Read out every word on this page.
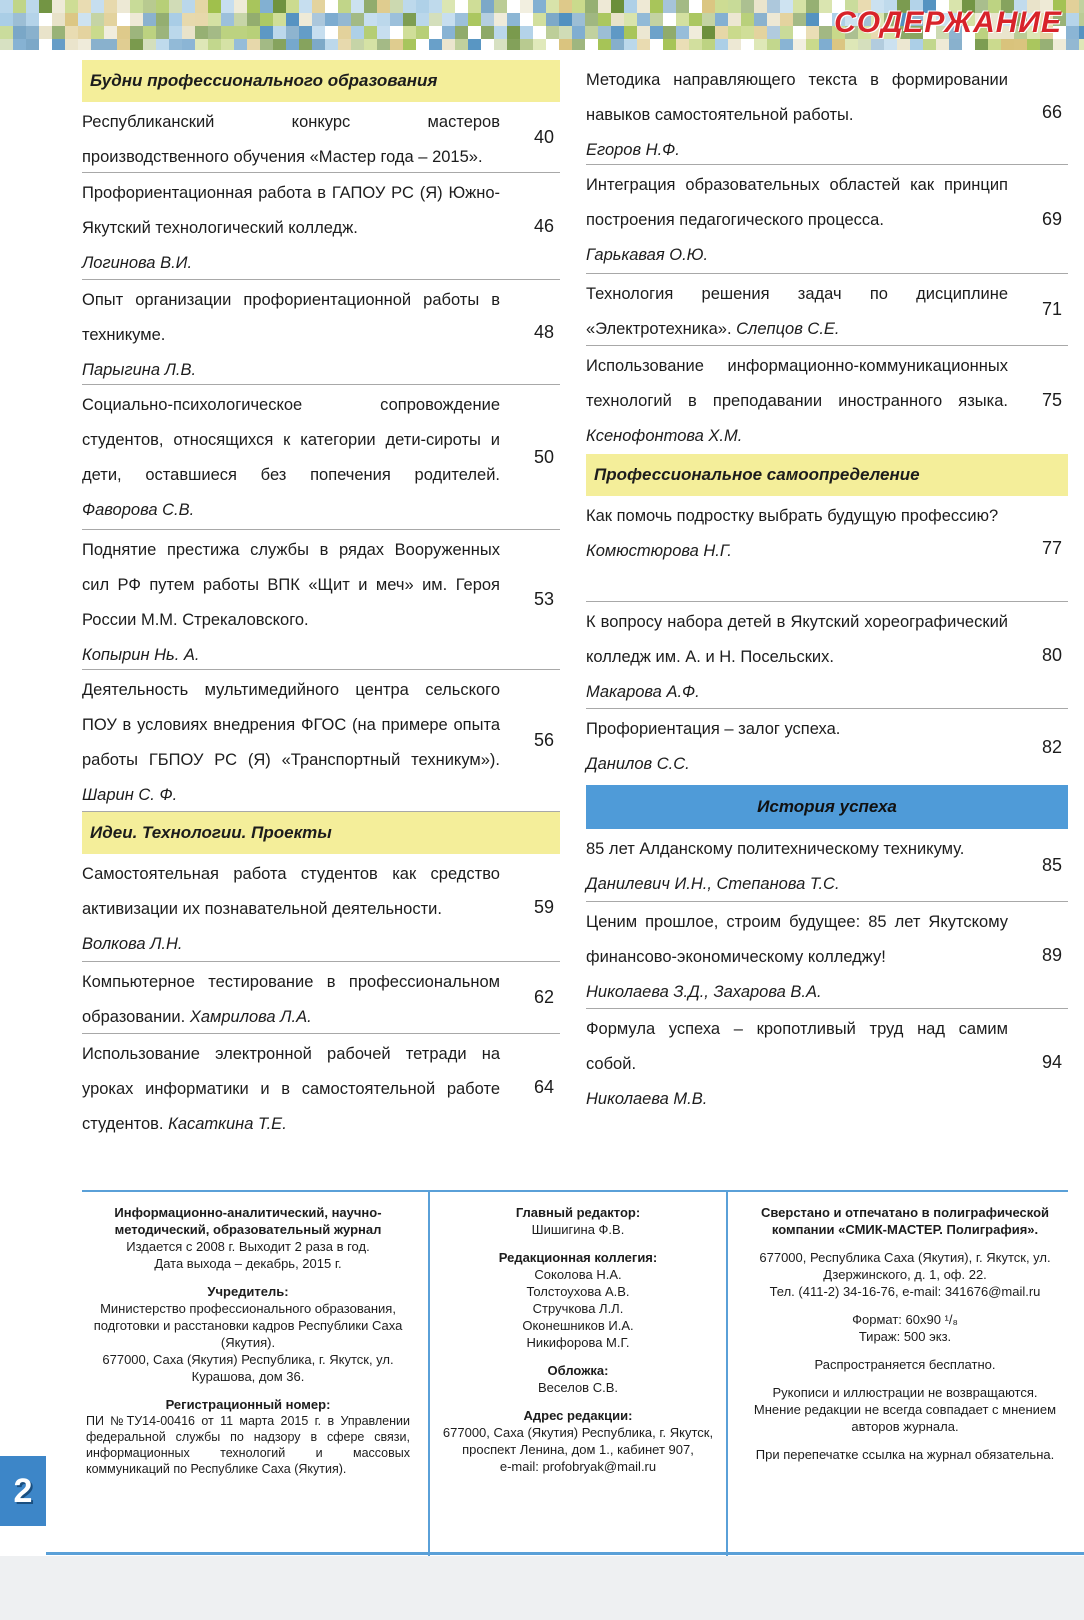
СОДЕРЖАНИЕ
Будни профессионального образования
Республиканский конкурс мастеров производственного обучения «Мастер года – 2015».
40
Профориентационная работа в ГАПОУ РС (Я) Южно-Якутский технологический колледж.
Логинова В.И.
46
Опыт организации профориентационной работы в техникуме.
Парыгина Л.В.
48
Социально-психологическое сопровождение студентов, относящихся к категории дети-сироты и дети, оставшиеся без попечения родителей. Фаворова С.В.
50
Поднятие престижа службы в рядах Вооруженных сил РФ путем работы ВПК «Щит и меч» им. Героя России М.М. Стрекаловского.
Копырин Нь. А.
53
Деятельность мультимедийного центра сельского ПОУ в условиях внедрения ФГОС (на примере опыта работы ГБПОУ РС (Я) «Транспортный техникум»). Шарин С. Ф.
56
Идеи. Технологии. Проекты
Самостоятельная работа студентов как средство активизации их познавательной деятельности.
Волкова Л.Н.
59
Компьютерное тестирование в профессиональном образовании. Хамрилова Л.А.
62
Использование электронной рабочей тетради на уроках информатики и в самостоятельной работе студентов. Касаткина Т.Е.
64
Методика направляющего текста в формировании навыков самостоятельной работы.
Егоров Н.Ф.
66
Интеграция образовательных областей как принцип построения педагогического процесса.
Гарькавая О.Ю.
69
Технология решения задач по дисциплине «Электротехника». Слепцов С.Е.
71
Использование информационно-коммуникационных технологий в преподавании иностранного языка. Ксенофонтова Х.М.
75
Профессиональное самоопределение
Как помочь подростку выбрать будущую профессию?
Комюстюрова Н.Г.	77
К вопросу набора детей в Якутский хореографический колледж им. А. и Н. Посельских.
Макарова А.Ф.
80
Профориентация – залог успеха.
Данилов С.С.
82
История успеха
85 лет Алданскому политехническому техникуму.
Данилевич И.Н., Степанова Т.С.
85
Ценим прошлое, строим будущее: 85 лет Якутскому финансово-экономическому колледжу!
Николаева З.Д., Захарова В.А.
89
Формула успеха – кропотливый труд над самим собой.
Николаева М.В.
94
Информационно-аналитический, научно-методический, образовательный журнал
Издается с 2008 г. Выходит 2 раза в год.
Дата выхода – декабрь, 2015 г.
Учредитель:
Министерство профессионального образования, подготовки и расстановки кадров Республики Саха (Якутия).
677000, Саха (Якутия) Республика, г. Якутск, ул. Курашова, дом 36.
Регистрационный номер:
ПИ №ТУ14-00416 от 11 марта 2015 г. в Управлении федеральной службы по надзору в сфере связи, информационных технологий и массовых коммуникаций по Республике Саха (Якутия).
Главный редактор:
Шишигина Ф.В.
Редакционная коллегия:
Соколова Н.А.
Толстоухова А.В.
Стручкова Л.Л.
Оконешников И.А.
Никифорова М.Г.
Обложка:
Веселов С.В.
Адрес редакции:
677000, Саха (Якутия) Республика, г. Якутск, проспект Ленина, дом 1., кабинет 907,
e-mail: profobryak@mail.ru
Сверстано и отпечатано в полиграфической компании «СМИК-МАСТЕР. Полиграфия».
677000, Республика Саха (Якутия), г. Якутск, ул. Дзержинского, д. 1, оф. 22.
Тел. (411-2) 34-16-76, e-mail: 341676@mail.ru
Формат: 60х90 ¹/₈
Тираж: 500 экз.
Распространяется бесплатно.
Рукописи и иллюстрации не возвращаются.
Мнение редакции не всегда совпадает с мнением авторов журнала.
При перепечатке ссылка на журнал обязательна.
2
